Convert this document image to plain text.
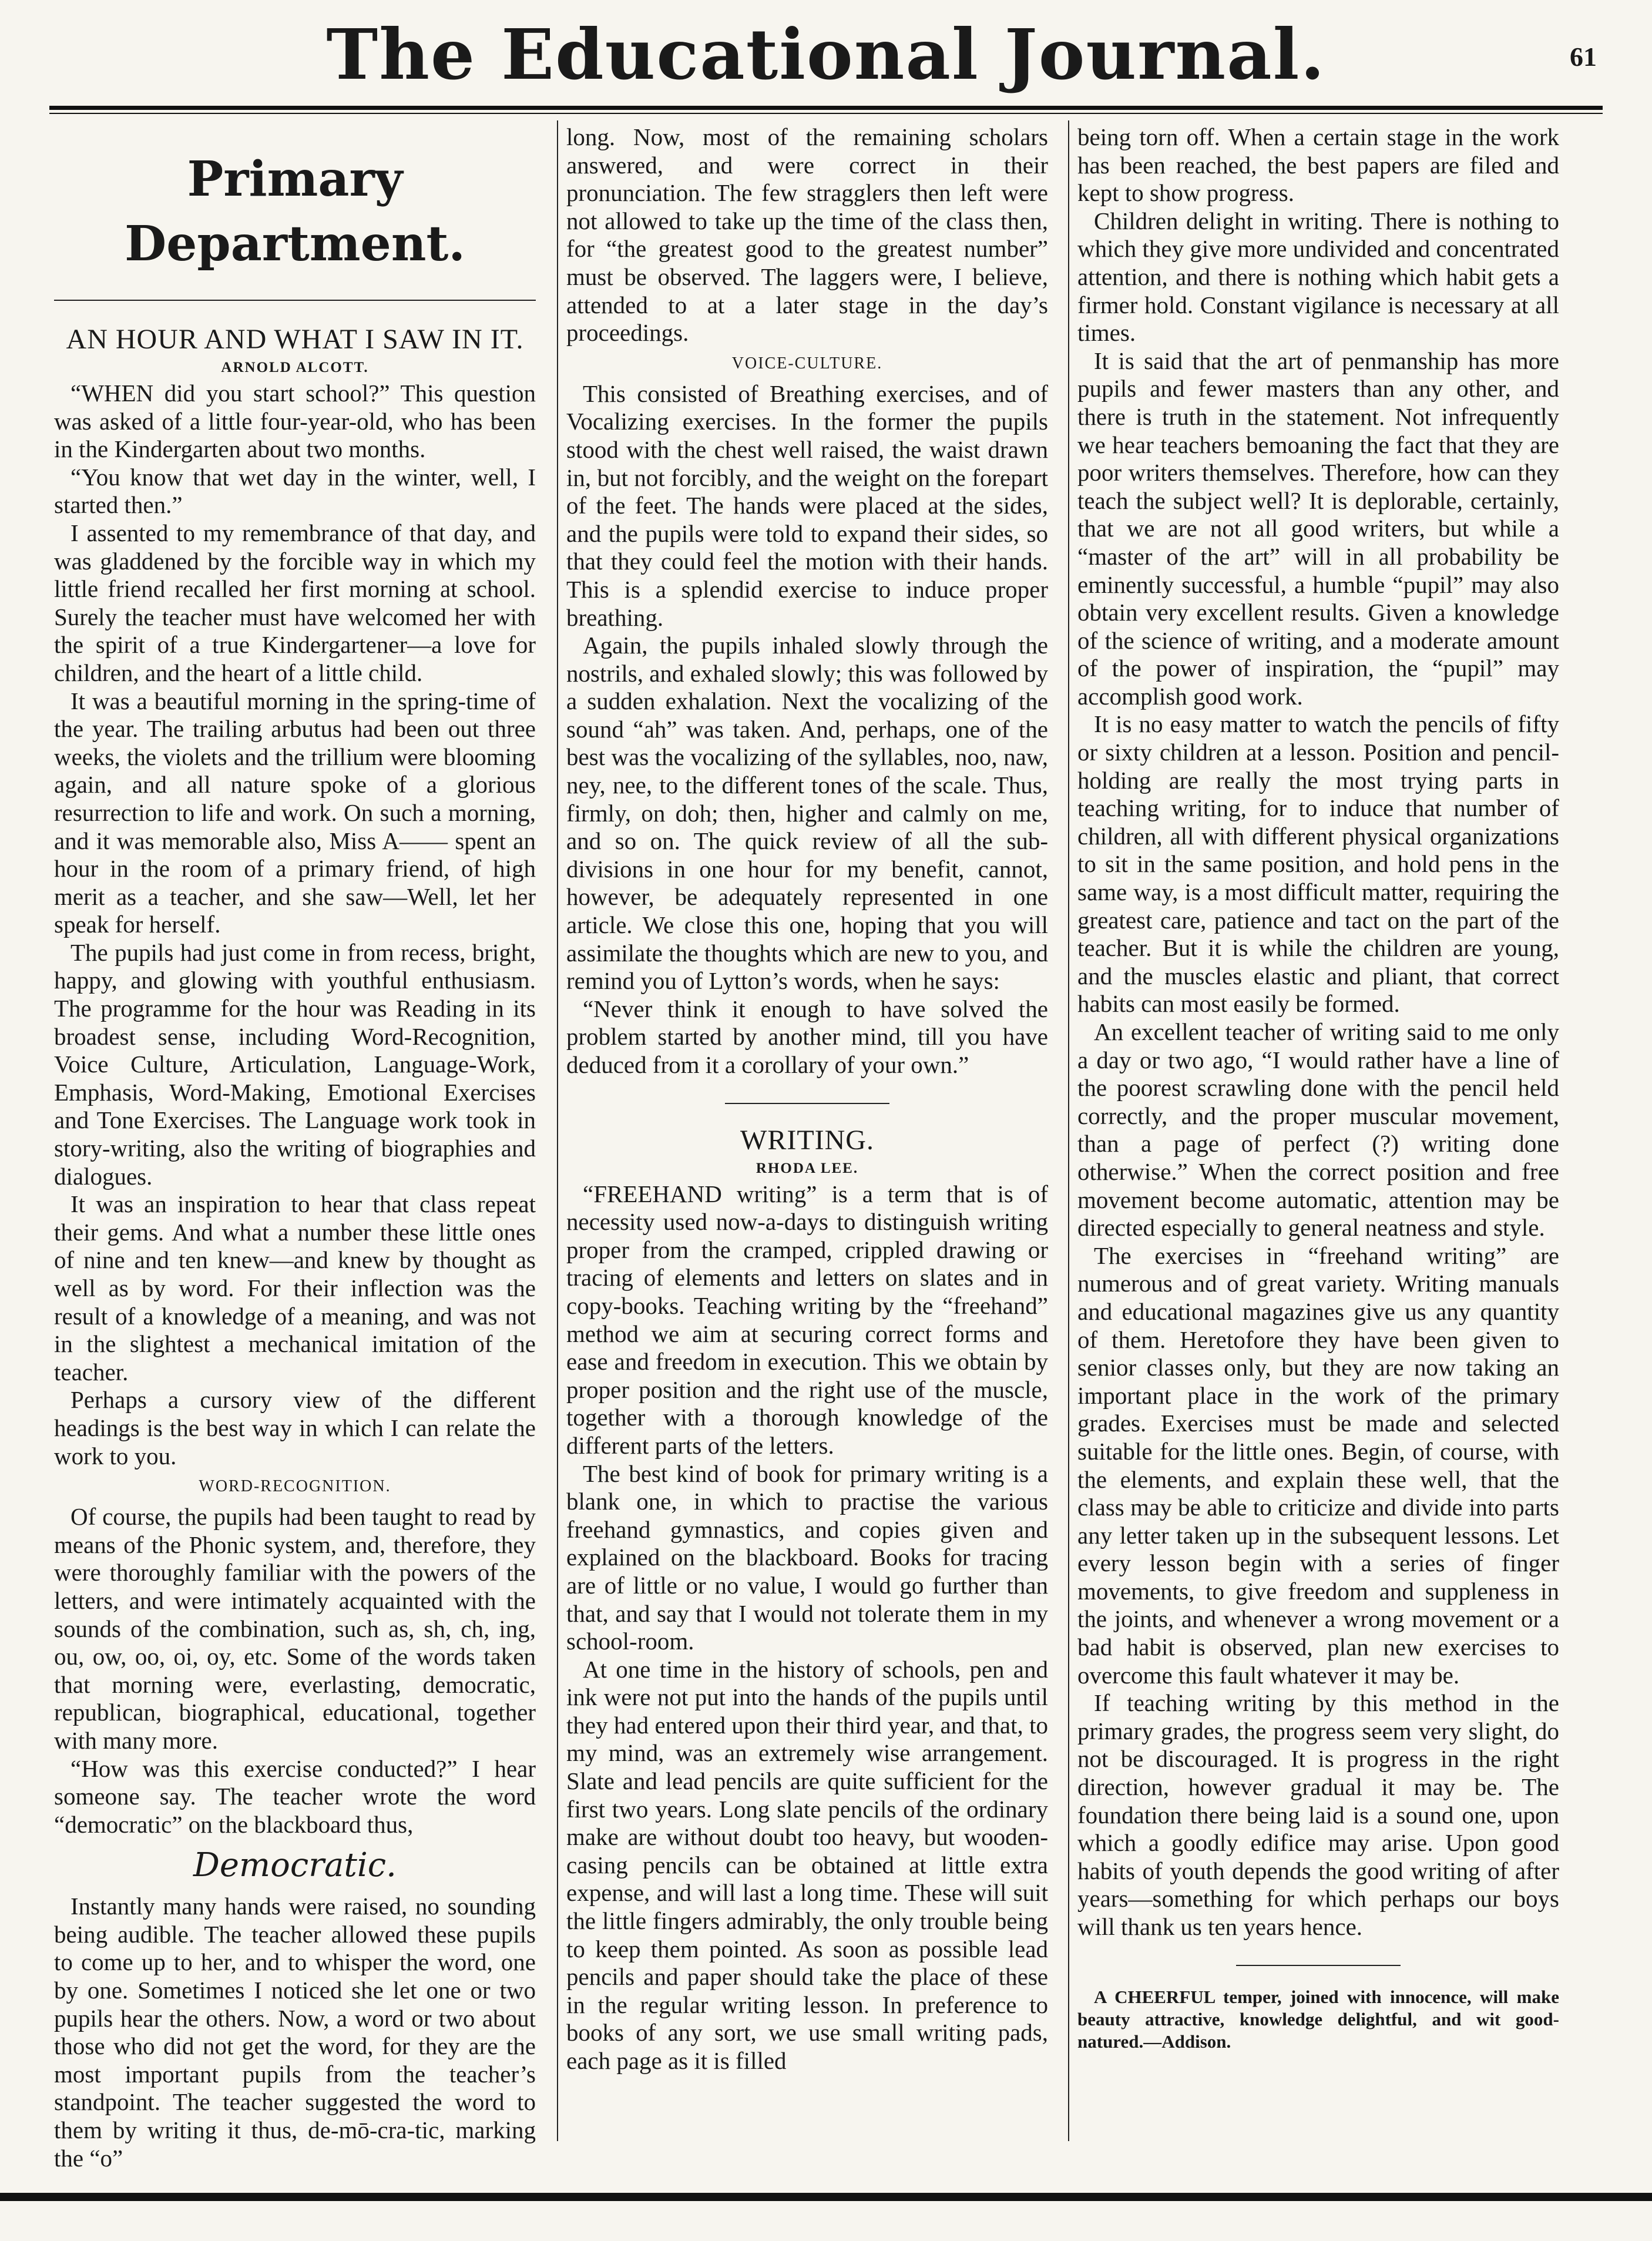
The Educational Journal.	61
Primary Department.
AN HOUR AND WHAT I SAW IN IT.
ARNOLD ALCOTT.

“WHEN did you start school?” This question was asked of a little four-year-old, who has been in the Kindergarten about two months.

“You know that wet day in the winter, well, I started then.”

I assented to my remembrance of that day, and was gladdened by the forcible way in which my little friend recalled her first morning at school. Surely the teacher must have welcomed her with the spirit of a true Kindergartener—a love for children, and the heart of a little child.

It was a beautiful morning in the spring-time of the year. The trailing arbutus had been out three weeks, the violets and the trillium were blooming again, and all nature spoke of a glorious resurrection to life and work. On such a morning, and it was memorable also, Miss A—— spent an hour in the room of a primary friend, of high merit as a teacher, and she saw—Well, let her speak for herself.

The pupils had just come in from recess, bright, happy, and glowing with youthful enthusiasm. The programme for the hour was Reading in its broadest sense, including Word-Recognition, Voice Culture, Articulation, Language-Work, Emphasis, Word-Making, Emotional Exercises and Tone Exercises. The Language work took in story-writing, also the writing of biographies and dialogues.

It was an inspiration to hear that class repeat their gems. And what a number these little ones of nine and ten knew—and knew by thought as well as by word. For their inflection was the result of a knowledge of a meaning, and was not in the slightest a mechanical imitation of the teacher.

Perhaps a cursory view of the different headings is the best way in which I can relate the work to you.

WORD-RECOGNITION.

Of course, the pupils had been taught to read by means of the Phonic system, and, therefore, they were thoroughly familiar with the powers of the letters, and were intimately acquainted with the sounds of the combination, such as, sh, ch, ing, ou, ow, oo, oi, oy, etc. Some of the words taken that morning were, everlasting, democratic, republican, biographical, educational, together with many more.

“How was this exercise conducted?” I hear someone say. The teacher wrote the word “democratic” on the blackboard thus,

Democratic.

Instantly many hands were raised, no sounding being audible. The teacher allowed these pupils to come up to her, and to whisper the word, one by one. Sometimes I noticed she let one or two pupils hear the others. Now, a word or two about those who did not get the word, for they are the most important pupils from the teacher’s standpoint. The teacher suggested the word to them by writing it thus, de-mō-cra-tic, marking the “o”

long. Now, most of the remaining scholars answered, and were correct in their pronunciation. The few stragglers then left were not allowed to take up the time of the class then, for “the greatest good to the greatest number” must be observed. The laggers were, I believe, attended to at a later stage in the day’s proceedings.

VOICE-CULTURE.

This consisted of Breathing exercises, and of Vocalizing exercises. In the former the pupils stood with the chest well raised, the waist drawn in, but not forcibly, and the weight on the forepart of the feet. The hands were placed at the sides, and the pupils were told to expand their sides, so that they could feel the motion with their hands. This is a splendid exercise to induce proper breathing.

Again, the pupils inhaled slowly through the nostrils, and exhaled slowly; this was followed by a sudden exhalation. Next the vocalizing of the sound “ah” was taken. And, perhaps, one of the best was the vocalizing of the syllables, noo, naw, ney, nee, to the different tones of the scale. Thus, firmly, on doh; then, higher and calmly on me, and so on. The quick review of all the sub-divisions in one hour for my benefit, cannot, however, be adequately represented in one article. We close this one, hoping that you will assimilate the thoughts which are new to you, and remind you of Lytton’s words, when he says:

“Never think it enough to have solved the problem started by another mind, till you have deduced from it a corollary of your own.”

WRITING.
RHODA LEE.

“FREEHAND writing” is a term that is of necessity used now-a-days to distinguish writing proper from the cramped, crippled drawing or tracing of elements and letters on slates and in copy-books. Teaching writing by the “freehand” method we aim at securing correct forms and ease and freedom in execution. This we obtain by proper position and the right use of the muscle, together with a thorough knowledge of the different parts of the letters.

The best kind of book for primary writing is a blank one, in which to practise the various freehand gymnastics, and copies given and explained on the blackboard. Books for tracing are of little or no value, I would go further than that, and say that I would not tolerate them in my school-room.

At one time in the history of schools, pen and ink were not put into the hands of the pupils until they had entered upon their third year, and that, to my mind, was an extremely wise arrangement. Slate and lead pencils are quite sufficient for the first two years. Long slate pencils of the ordinary make are without doubt too heavy, but wooden-casing pencils can be obtained at little extra expense, and will last a long time. These will suit the little fingers admirably, the only trouble being to keep them pointed. As soon as possible lead pencils and paper should take the place of these in the regular writing lesson. In preference to books of any sort, we use small writing pads, each page as it is filled

being torn off. When a certain stage in the work has been reached, the best papers are filed and kept to show progress.

Children delight in writing. There is nothing to which they give more undivided and concentrated attention, and there is nothing which habit gets a firmer hold. Constant vigilance is necessary at all times.

It is said that the art of penmanship has more pupils and fewer masters than any other, and there is truth in the statement. Not infrequently we hear teachers bemoaning the fact that they are poor writers themselves. Therefore, how can they teach the subject well? It is deplorable, certainly, that we are not all good writers, but while a “master of the art” will in all probability be eminently successful, a humble “pupil” may also obtain very excellent results. Given a knowledge of the science of writing, and a moderate amount of the power of inspiration, the “pupil” may accomplish good work.

It is no easy matter to watch the pencils of fifty or sixty children at a lesson. Position and pencil-holding are really the most trying parts in teaching writing, for to induce that number of children, all with different physical organizations to sit in the same position, and hold pens in the same way, is a most difficult matter, requiring the greatest care, patience and tact on the part of the teacher. But it is while the children are young, and the muscles elastic and pliant, that correct habits can most easily be formed.

An excellent teacher of writing said to me only a day or two ago, “I would rather have a line of the poorest scrawling done with the pencil held correctly, and the proper muscular movement, than a page of perfect (?) writing done otherwise.” When the correct position and free movement become automatic, attention may be directed especially to general neatness and style.

The exercises in “freehand writing” are numerous and of great variety. Writing manuals and educational magazines give us any quantity of them. Heretofore they have been given to senior classes only, but they are now taking an important place in the work of the primary grades. Exercises must be made and selected suitable for the little ones. Begin, of course, with the elements, and explain these well, that the class may be able to criticize and divide into parts any letter taken up in the subsequent lessons. Let every lesson begin with a series of finger movements, to give freedom and suppleness in the joints, and whenever a wrong movement or a bad habit is observed, plan new exercises to overcome this fault whatever it may be.

If teaching writing by this method in the primary grades, the progress seem very slight, do not be discouraged. It is progress in the right direction, however gradual it may be. The foundation there being laid is a sound one, upon which a goodly edifice may arise. Upon good habits of youth depends the good writing of after years—something for which perhaps our boys will thank us ten years hence.

A CHEERFUL temper, joined with innocence, will make beauty attractive, knowledge delightful, and wit good-natured.—Addison.
